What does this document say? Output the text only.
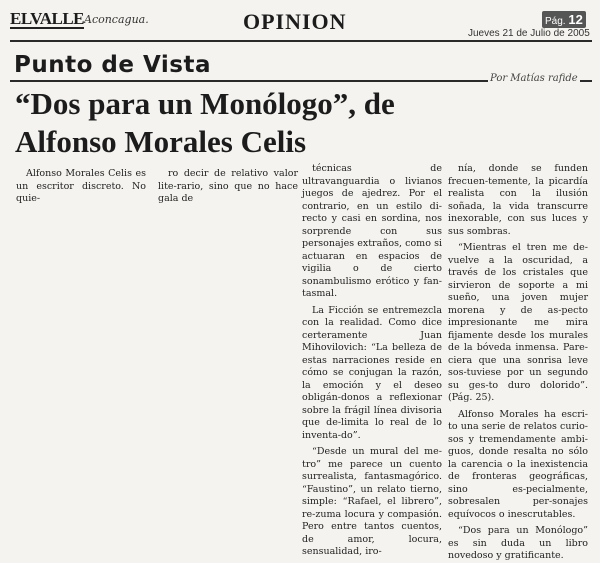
ELVALLE Aconcagua.	OPINION	Pág. 12
Jueves 21 de Julio de 2005
Punto de Vista
Por Matías rafide
“Dos para un Monólogo”, de
Alfonso Morales Celis

Alfonso Morales Celis es un escritor discreto. No quie-

ro decir de relativo valor lite-rario, sino que no hace gala de

técnicas de ultravanguardia o livianos juegos de ajedrez. Por el contrario, en un estilo di-recto y casi en sordina, nos sorprende con sus personajes extraños, como si actuaran en espacios de vigilia o de cierto sonambulismo erótico y fan-tasmal.

La Ficción se entremezcla con la realidad. Como dice certeramente Juan Mihovilovich: “La belleza de estas narraciones reside en cómo se conjugan la razón, la emoción y el deseo obligán-donos a reflexionar sobre la frágil línea divisoria que de-limita lo real de lo inventa-do”.

“Desde un mural del me-tro” me parece un cuento surrealista, fantasmagórico. “Faustino”, un relato tierno, simple: “Rafael, el librero”, re-zuma locura y compasión. Pero entre tantos cuentos, de amor, locura, sensualidad, iro-

nía, donde se funden frecuen-temente, la picardía realista con la ilusión soñada, la vida transcurre inexorable, con sus luces y sus sombras.

“Mientras el tren me de-vuelve a la oscuridad, a través de los cristales que sirvieron de soporte a mi sueño, una joven mujer morena y de as-pecto impresionante me mira fijamente desde los murales de la bóveda inmensa. Pare-ciera que una sonrisa leve sos-tuviese por un segundo su ges-to duro dolorido”. (Pág. 25).

Alfonso Morales ha escri-to una serie de relatos curio-sos y tremendamente ambi-guos, donde resalta no sólo la carencia o la inexistencia de fronteras geográficas, sino es-pecialmente, sobresalen per-sonajes equívocos o inescrutables.

“Dos para un Monólogo” es sin duda un libro novedoso y gratificante.
